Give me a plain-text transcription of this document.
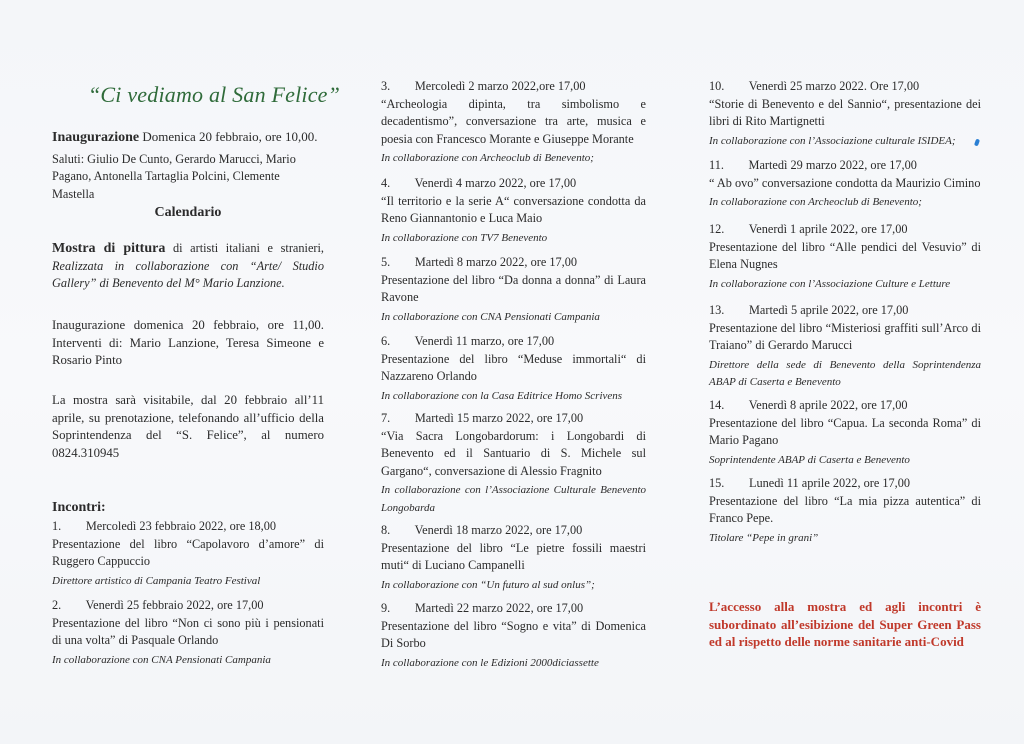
“Ci vediamo al San Felice”
Inaugurazione Domenica 20 febbraio, ore 10,00.
Saluti: Giulio De Cunto, Gerardo Marucci, Mario Pagano, Antonella Tartaglia Polcini, Clemente Mastella
Calendario
Mostra di pittura di artisti italiani e stranieri, Realizzata in collaborazione con “Arte/ Studio Gallery” di Benevento del M° Mario Lanzione.
Inaugurazione domenica 20 febbraio, ore 11,00. Interventi di: Mario Lanzione, Teresa Simeone e Rosario Pinto
La mostra sarà visitabile, dal 20 febbraio all’11 aprile, su prenotazione, telefonando all’ufficio della Soprintendenza del “S. Felice”, al numero 0824.310945
Incontri:
1.        Mercoledì 23 febbraio 2022, ore 18,00
Presentazione del libro “Capolavoro d’amore” di Ruggero Cappuccio
Direttore artistico di Campania Teatro Festival
2.        Venerdì 25 febbraio 2022, ore 17,00
Presentazione del libro “Non ci sono più i pensionati di una volta” di Pasquale Orlando
In collaborazione con CNA Pensionati Campania
3.        Mercoledì 2 marzo 2022,ore 17,00
“Archeologia dipinta, tra simbolismo e decadentismo”, conversazione tra arte, musica e poesia con Francesco Morante e Giuseppe Morante
In collaborazione con Archeoclub di Benevento;
4.        Venerdì 4 marzo 2022, ore 17,00
“Il territorio e la serie A“ conversazione condotta da Reno Giannantonio e Luca Maio
In collaborazione con TV7 Benevento
5.        Martedì 8 marzo 2022, ore 17,00
Presentazione del libro “Da donna a donna” di Laura Ravone
In collaborazione con CNA Pensionati Campania
6.        Venerdì 11 marzo, ore 17,00
Presentazione del libro “Meduse immortali“ di Nazzareno Orlando
In collaborazione con la Casa Editrice Homo Scrivens
7.        Martedì 15 marzo 2022, ore 17,00
“Via Sacra Longobardorum: i Longobardi di Benevento ed il Santuario di S. Michele sul Gargano“, conversazione di Alessio Fragnito
In collaborazione con l’Associazione Culturale Benevento Longobarda
8.        Venerdì 18 marzo 2022, ore 17,00
Presentazione del libro “Le pietre fossili maestri muti“ di Luciano Campanelli
In collaborazione con “Un futuro al sud onlus”;
9.        Martedì 22 marzo 2022, ore 17,00
Presentazione del libro “Sogno e vita” di Domenica Di Sorbo
In collaborazione con le Edizioni 2000diciassette
10.        Venerdì 25 marzo 2022. Ore 17,00
“Storie di Benevento e del Sannio“, presentazione dei libri di Rito Martignetti
In collaborazione con l’Associazione culturale ISIDEA;
11.        Martedì 29 marzo 2022, ore 17,00
“ Ab ovo” conversazione condotta da Maurizio Cimino
In collaborazione con Archeoclub di Benevento;
12.        Venerdì 1 aprile 2022, ore 17,00
Presentazione del libro “Alle pendici del Vesuvio” di Elena Nugnes
In collaborazione con l’Associazione Culture e Letture
13.        Martedì 5 aprile 2022, ore 17,00
Presentazione del libro “Misteriosi graffiti sull’Arco di Traiano” di Gerardo Marucci
Direttore della sede di Benevento della Soprintendenza ABAP di Caserta e Benevento
14.        Venerdì 8 aprile 2022, ore 17,00
Presentazione del libro “Capua. La seconda Roma” di Mario Pagano
Soprintendente ABAP di Caserta e Benevento
15.        Lunedì 11 aprile 2022, ore 17,00
Presentazione del libro “La mia pizza autentica” di Franco Pepe.
Titolare “Pepe in grani”
L’accesso alla mostra ed agli incontri è subordinato all’esibizione del Super Green Pass ed al rispetto delle norme sanitarie anti-Covid
